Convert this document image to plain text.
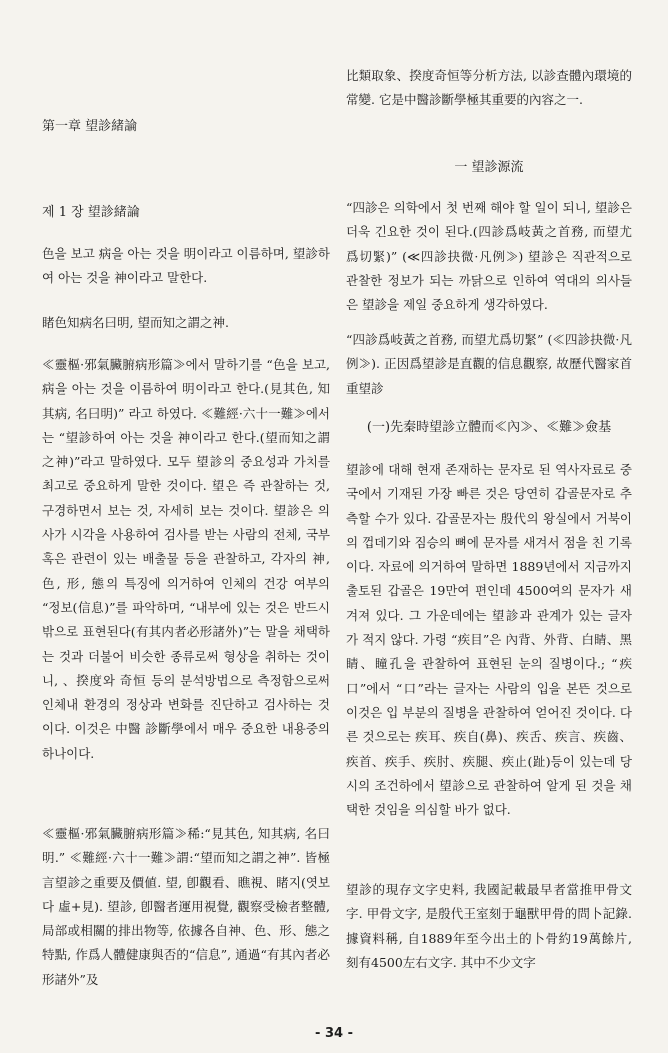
第一章 望診緒論

제 1 장 望診緒論

色을 보고 病을 아는 것을 明이라고 이름하며, 望診하여 아는 것을 神이라고 말한다.

睹色知病名曰明, 望而知之謂之神.

≪靈樞·邪氣臟腑病形篇≫에서 말하기를 “色을 보고, 病을 아는 것을 이름하여 明이라고 한다.(見其色, 知其病, 名曰明)” 라고 하였다. ≪難經·六十一難≫에서는 “望診하여 아는 것을 神이라고 한다.(望而知之謂之神)”라고 말하였다. 모두 望診의 중요성과 가치를 최고로 중요하게 말한 것이다. 望은 즉 관찰하는 것, 구경하면서 보는 것, 자세히 보는 것이다. 望診은 의사가 시각을 사용하여 검사를 받는 사람의 전체, 국부 혹은 관련이 있는 배출물 등을 관찰하고, 각자의 神, 色, 形, 態의 특징에 의거하여 인체의 건강 여부의 “정보(信息)”를 파악하며, “내부에 있는 것은 반드시 밖으로 표현된다(有其内者必形諸外)”는 말을 채택하는 것과 더불어 비슷한 종류로써 형상을 취하는 것이니, 、揆度와 奇恒 등의 분석방법으로 측정함으로써 인체내 환경의 정상과 변화를 진단하고 검사하는 것이다. 이것은 中醫 診斷學에서 매우 중요한 내용중의 하나이다.

≪靈樞·邪氣臟腑病形篇≫稀:“見其色, 知其病, 名曰明.” ≪難經·六十一難≫謂:“望而知之謂之神”. 皆極言望診之重要及價値. 望, 卽觀看、瞧視、睹지(엿보다 虛+見). 望診, 卽醫者運用視覺, 觀察受檢者整體, 局部或相關的排出物等, 依據各自神、色、形、態之特點, 作爲人體健康與否的“信息”, 通過“有其內者必形諸外”及

比類取象、揆度奇恒等分析方法, 以診查體內環境的常變. 它是中醫診斷學極其重要的內容之一.

一 望診源流

“四診은 의학에서 첫 번째 해야 할 일이 되니, 望診은 더욱 긴요한 것이 된다.(四診爲岐黃之首務, 而望尤爲切緊)” (≪四診抉微·凡例≫) 望診은 직관적으로 관찰한 정보가 되는 까닭으로 인하여 역대의 의사들은 望診을 제일 중요하게 생각하였다.

“四診爲岐黃之首務, 而望尤爲切緊” (≪四診抉微·凡例≫). 正因爲望診是直觀的信息觀察, 故歷代醫家首重望診

(一)先秦時望診立體而≪內≫、≪難≫僉基

望診에 대해 현재 존재하는 문자로 된 역사자료로 중국에서 기재된 가장 빠른 것은 당연히 갑골문자로 추측할 수가 있다. 갑골문자는 殷代의 왕실에서 거북이의 껍데기와 짐승의 뼈에 문자를 새겨서 점을 친 기록이다. 자료에 의거하여 말하면 1889년에서 지금까지 출토된 갑골은 19만여 편인데 4500여의 문자가 새겨져 있다. 그 가운데에는 望診과 관계가 있는 글자가 적지 않다. 가령 “疾目”은 內背、外背、白睛、黑睛、瞳孔을 관찰하여 표현된 눈의 질병이다.; “疾口”에서 “口”라는 글자는 사람의 입을 본뜬 것으로 이것은 입 부분의 질병을 관찰하여 얻어진 것이다. 다른 것으로는 疾耳、疾自(鼻)、疾舌、疾言、疾齒、疾首、疾手、疾肘、疾腿、疾止(趾)등이 있는데 당시의 조건하에서 望診으로 관찰하여 알게 된 것을 채택한 것임을 의심할 바가 없다.

望診的現存文字史料, 我國記載最早者當推甲骨文字. 甲骨文字, 是殷代王室刻于龜獸甲骨的問卜記錄. 據資料稱, 自1889年至今出土的卜骨約19萬餘片, 刻有4500左右文字. 其中不少文字

- 34 -
